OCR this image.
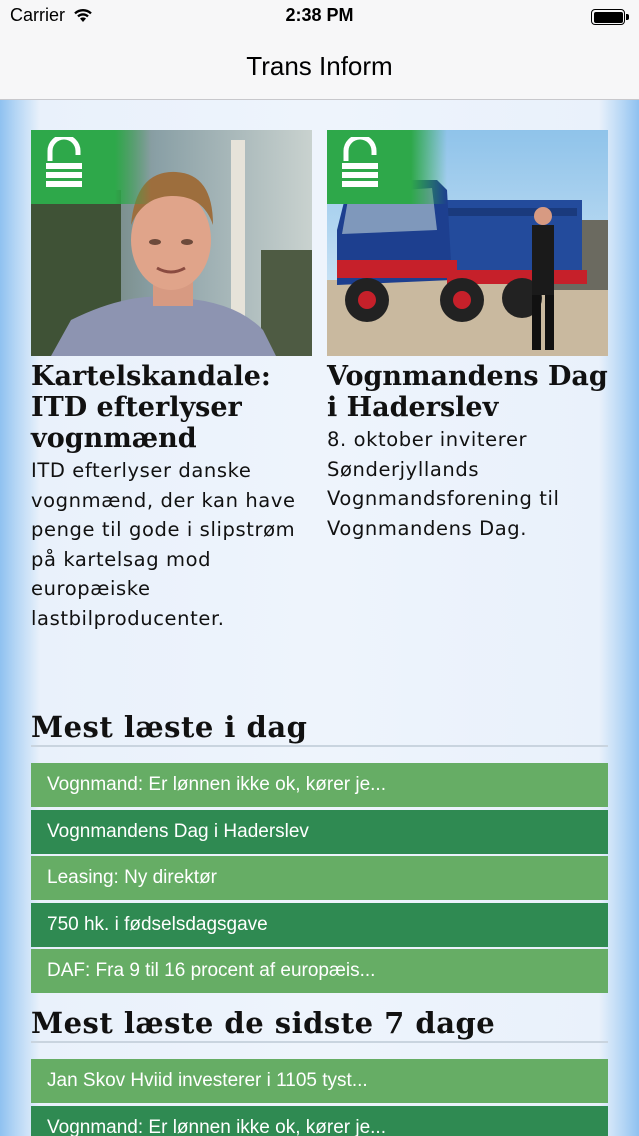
Carrier	2:38 PM
Trans Inform
Kartelskandale: ITD efterlyser vognmænd
ITD efterlyser danske vognmænd, der kan have penge til gode i slipstrøm på kartelsag mod europæiske lastbilproducenter.
Vognmandens Dag i Haderslev
8. oktober inviterer Sønderjyllands Vognmandsforening til Vognmandens Dag.
Mest læste i dag
Vognmand: Er lønnen ikke ok, kører je...
Vognmandens Dag i Haderslev
Leasing: Ny direktør
750 hk. i fødselsdagsgave
DAF: Fra 9 til 16 procent af europæis...
Mest læste de sidste 7 dage
Jan Skov Hviid investerer i 1105 tyst...
Vognmand: Er lønnen ikke ok, kører je...
